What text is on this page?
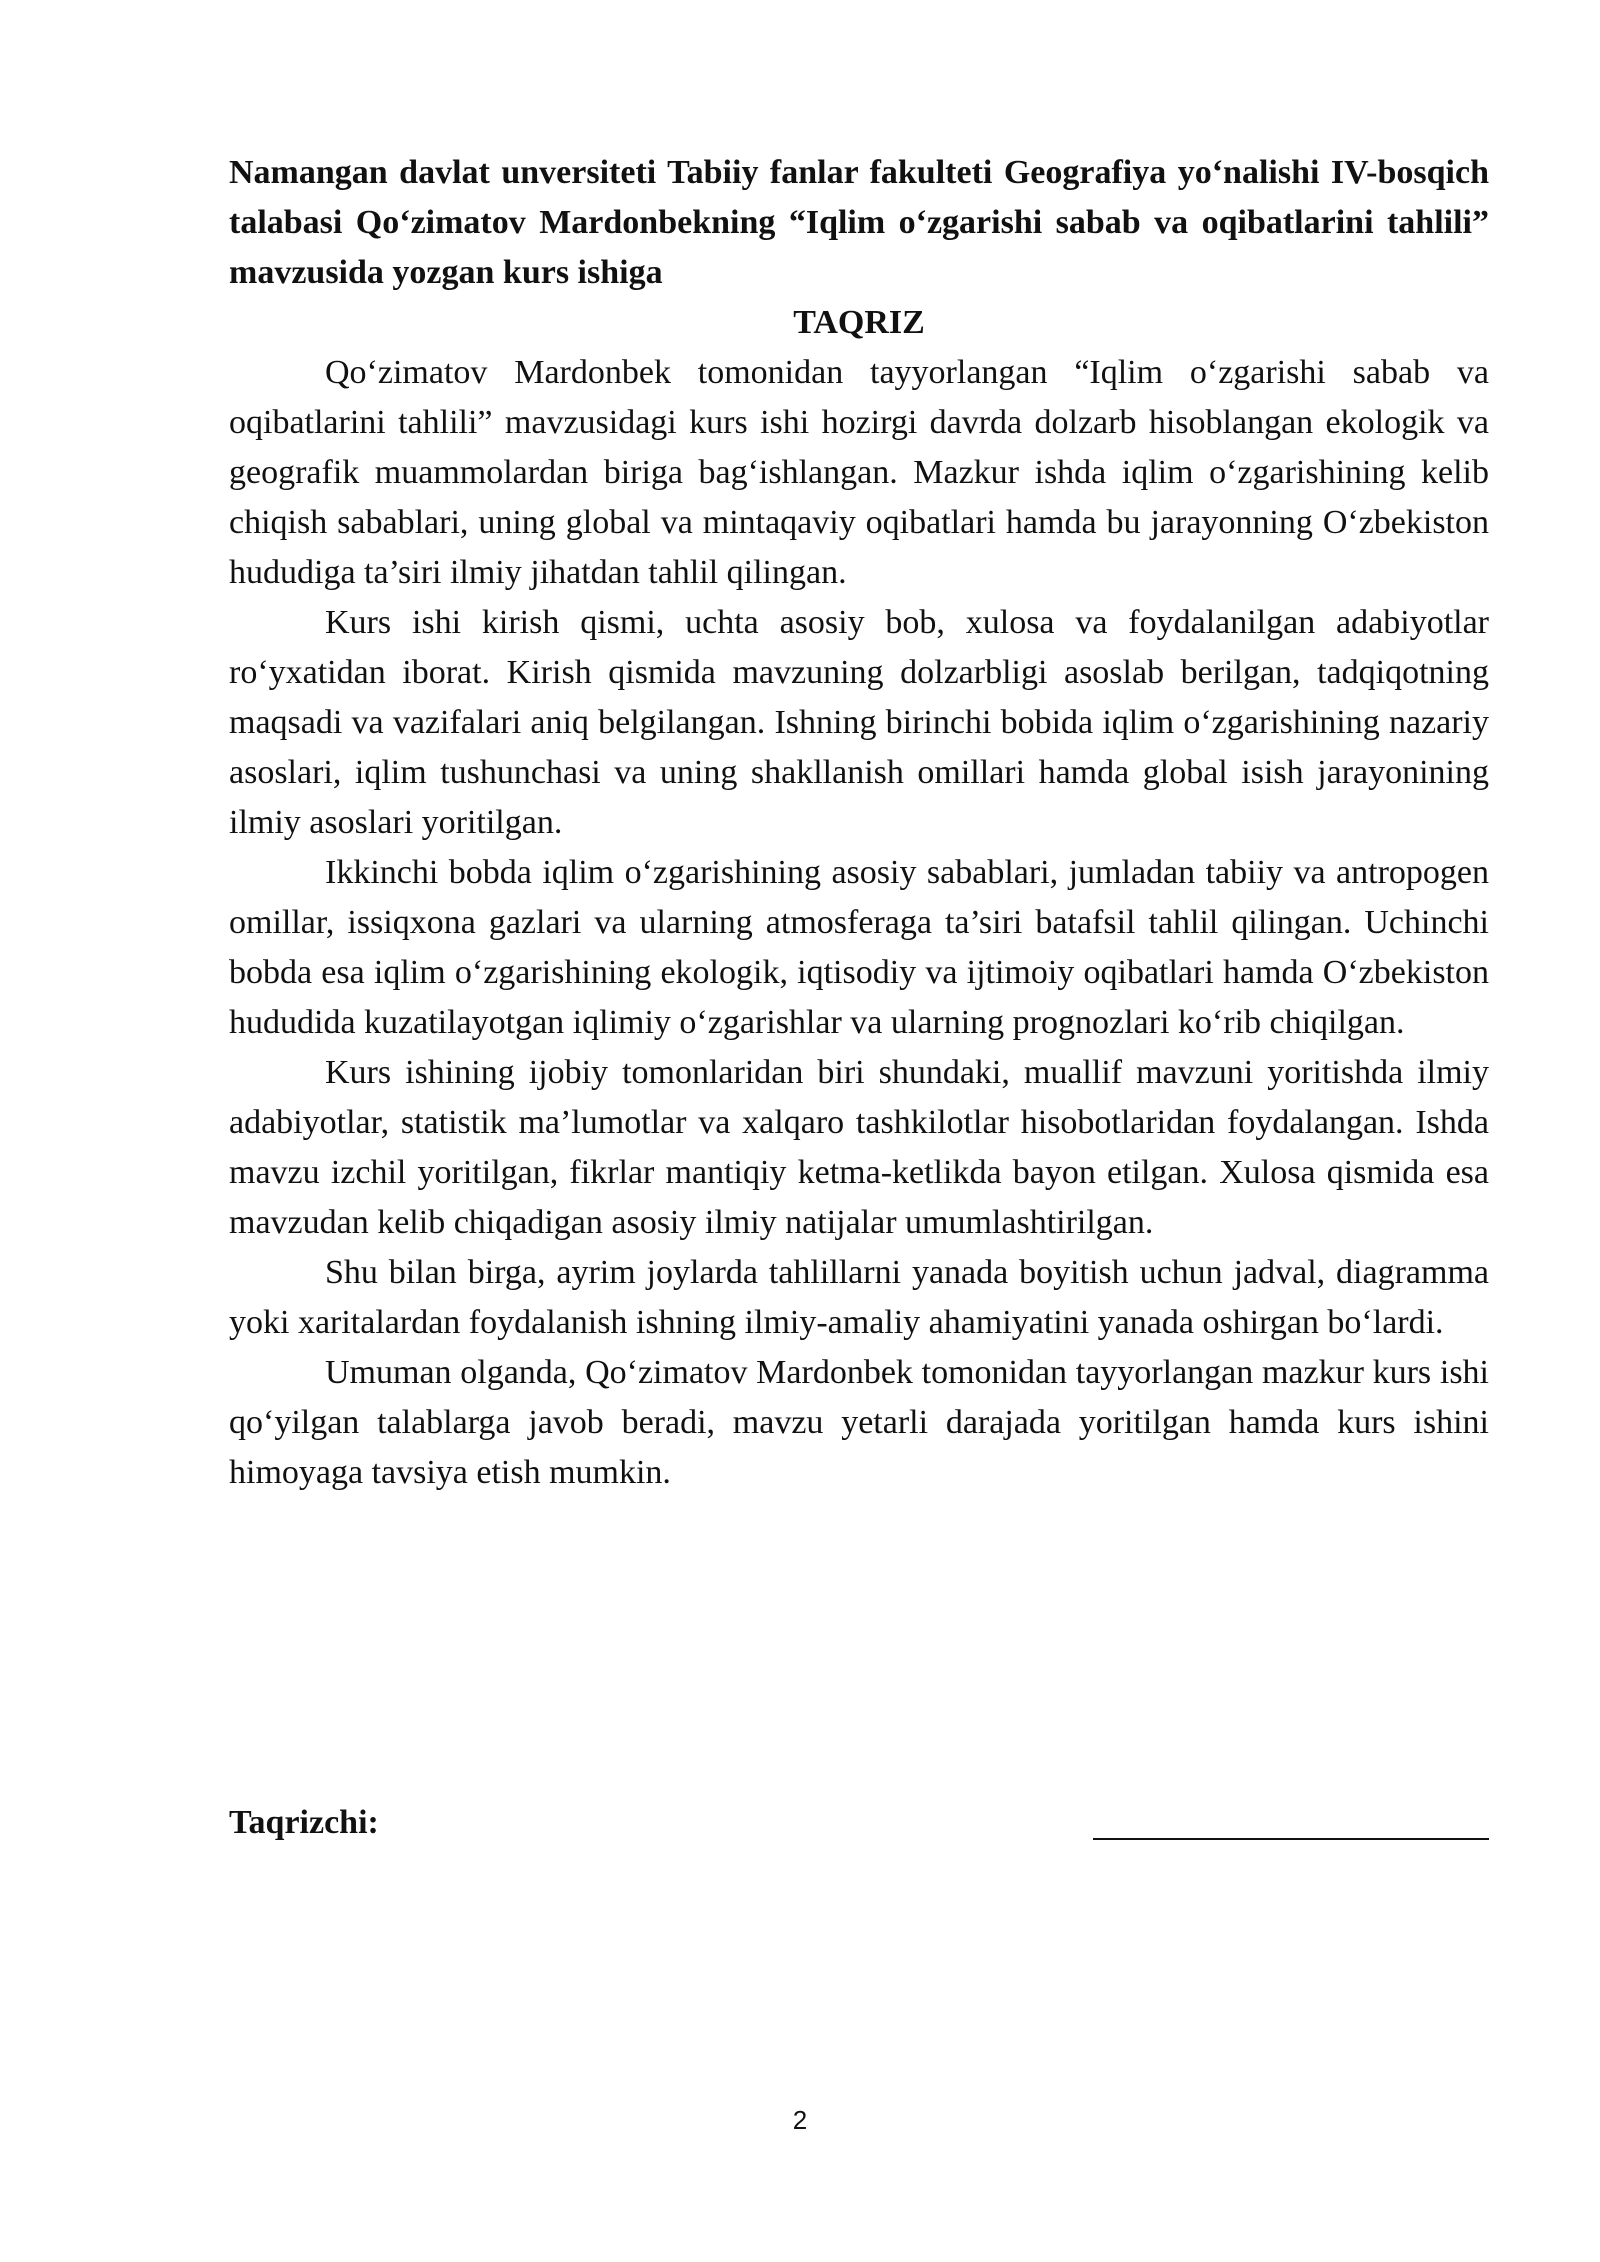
Namangan davlat unversiteti Tabiiy fanlar fakulteti Geografiya yo‘nalishi IV-bosqich talabasi Qo‘zimatov Mardonbekning “Iqlim o‘zgarishi sabab va oqibatlarini tahlili” mavzusida yozgan kurs ishiga

TAQRIZ

Qo‘zimatov Mardonbek tomonidan tayyorlangan “Iqlim o‘zgarishi sabab va oqibatlarini tahlili” mavzusidagi kurs ishi hozirgi davrda dolzarb hisoblangan ekologik va geografik muammolardan biriga bag‘ishlangan. Mazkur ishda iqlim o‘zgarishining kelib chiqish sabablari, uning global va mintaqaviy oqibatlari hamda bu jarayonning O‘zbekiston hududiga ta’siri ilmiy jihatdan tahlil qilingan.

Kurs ishi kirish qismi, uchta asosiy bob, xulosa va foydalanilgan adabiyotlar ro‘yxatidan iborat. Kirish qismida mavzuning dolzarbligi asoslab berilgan, tadqiqotning maqsadi va vazifalari aniq belgilangan. Ishning birinchi bobida iqlim o‘zgarishining nazariy asoslari, iqlim tushunchasi va uning shakllanish omillari hamda global isish jarayonining ilmiy asoslari yoritilgan.

Ikkinchi bobda iqlim o‘zgarishining asosiy sabablari, jumladan tabiiy va antropogen omillar, issiqxona gazlari va ularning atmosferaga ta’siri batafsil tahlil qilingan. Uchinchi bobda esa iqlim o‘zgarishining ekologik, iqtisodiy va ijtimoiy oqibatlari hamda O‘zbekiston hududida kuzatilayotgan iqlimiy o‘zgarishlar va ularning prognozlari ko‘rib chiqilgan.

Kurs ishining ijobiy tomonlaridan biri shundaki, muallif mavzuni yoritishda ilmiy adabiyotlar, statistik ma’lumotlar va xalqaro tashkilotlar hisobotlaridan foydalangan. Ishda mavzu izchil yoritilgan, fikrlar mantiqiy ketma-ketlikda bayon etilgan. Xulosa qismida esa mavzudan kelib chiqadigan asosiy ilmiy natijalar umumlashtirilgan.

Shu bilan birga, ayrim joylarda tahlillarni yanada boyitish uchun jadval, diagramma yoki xaritalardan foydalanish ishning ilmiy-amaliy ahamiyatini yanada oshirgan bo‘lardi.

Umuman olganda, Qo‘zimatov Mardonbek tomonidan tayyorlangan mazkur kurs ishi qo‘yilgan talablarga javob beradi, mavzu yetarli darajada yoritilgan hamda kurs ishini himoyaga tavsiya etish mumkin.

Taqrizchi:
2
